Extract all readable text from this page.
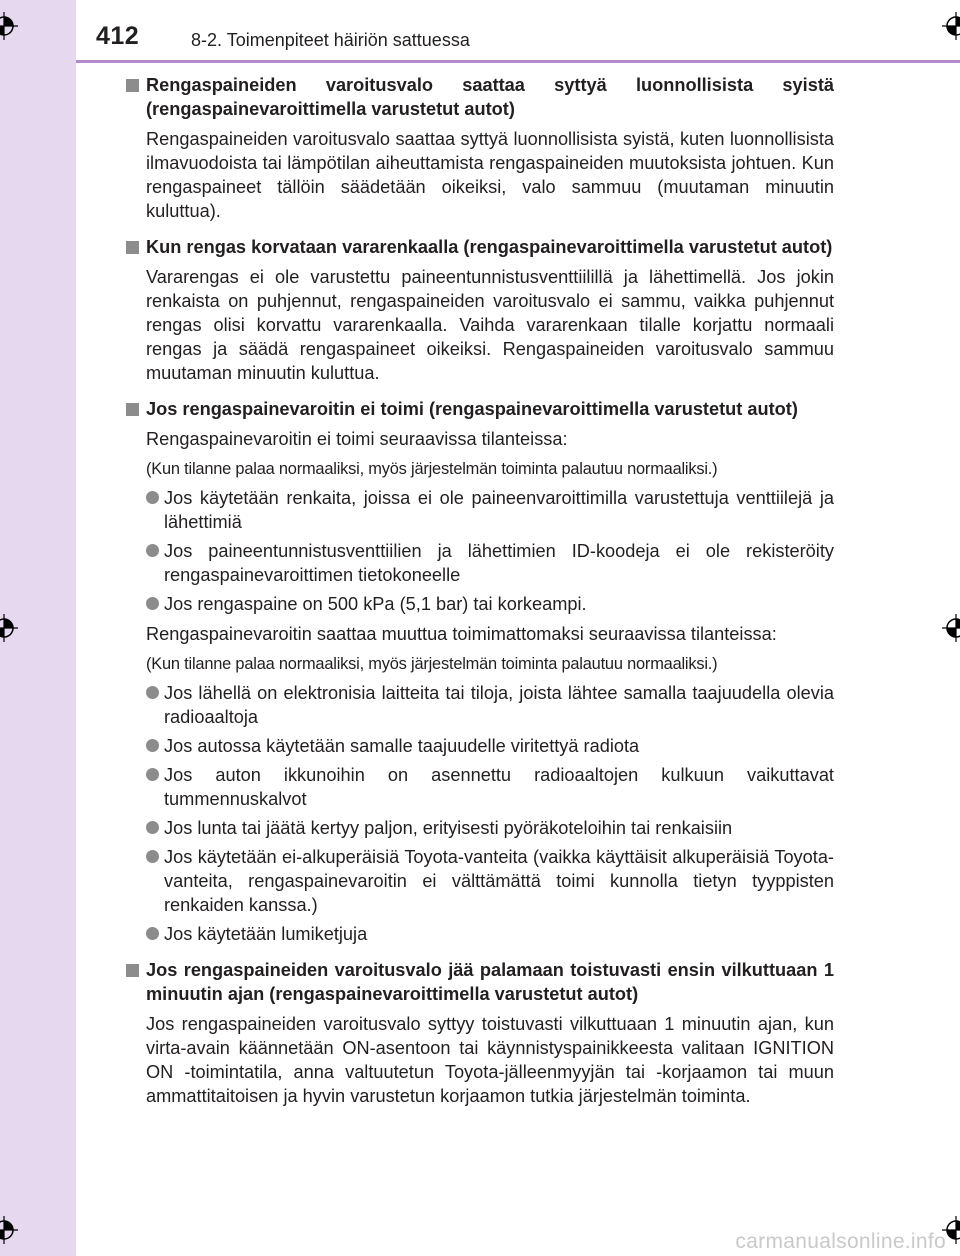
412	8-2. Toimenpiteet häiriön sattuessa
Rengaspaineiden varoitusvalo saattaa syttyä luonnollisista syistä (rengaspainevaroittimella varustetut autot)
Rengaspaineiden varoitusvalo saattaa syttyä luonnollisista syistä, kuten luonnollisista ilmavuodoista tai lämpötilan aiheuttamista rengaspaineiden muutoksista johtuen. Kun rengaspaineet tällöin säädetään oikeiksi, valo sammuu (muutaman minuutin kuluttua).
Kun rengas korvataan vararenkaalla (rengaspainevaroittimella varustetut autot)
Vararengas ei ole varustettu paineentunnistusventtiilillä ja lähettimellä. Jos jokin renkaista on puhjennut, rengaspaineiden varoitusvalo ei sammu, vaikka puhjennut rengas olisi korvattu vararenkaalla. Vaihda vararenkaan tilalle korjattu normaali rengas ja säädä rengaspaineet oikeiksi. Rengaspaineiden varoitusvalo sammuu muutaman minuutin kuluttua.
Jos rengaspainevaroitin ei toimi (rengaspainevaroittimella varustetut autot)
Rengaspainevaroitin ei toimi seuraavissa tilanteissa:
(Kun tilanne palaa normaaliksi, myös järjestelmän toiminta palautuu normaaliksi.)
Jos käytetään renkaita, joissa ei ole paineenvaroittimilla varustettuja venttiilejä ja lähettimiä
Jos paineentunnistusventtiilien ja lähettimien ID-koodeja ei ole rekisteröity rengaspainevaroittimen tietokoneelle
Jos rengaspaine on 500 kPa (5,1 bar) tai korkeampi.
Rengaspainevaroitin saattaa muuttua toimimattomaksi seuraavissa tilanteissa:
(Kun tilanne palaa normaaliksi, myös järjestelmän toiminta palautuu normaaliksi.)
Jos lähellä on elektronisia laitteita tai tiloja, joista lähtee samalla taajuudella olevia radioaaltoja
Jos autossa käytetään samalle taajuudelle viritettyä radiota
Jos auton ikkunoihin on asennettu radioaaltojen kulkuun vaikuttavat tummennuskalvot
Jos lunta tai jäätä kertyy paljon, erityisesti pyöräkoteloihin tai renkaisiin
Jos käytetään ei-alkuperäisiä Toyota-vanteita (vaikka käyttäisit alkuperäisiä Toyota-vanteita, rengaspainevaroitin ei välttämättä toimi kunnolla tietyn tyyppisten renkaiden kanssa.)
Jos käytetään lumiketjuja
Jos rengaspaineiden varoitusvalo jää palamaan toistuvasti ensin vilkuttuaan 1 minuutin ajan (rengaspainevaroittimella varustetut autot)
Jos rengaspaineiden varoitusvalo syttyy toistuvasti vilkuttuaan 1 minuutin ajan, kun virta-avain käännetään ON-asentoon tai käynnistyspainikkeesta valitaan IGNITION ON -toimintatila, anna valtuutetun Toyota-jälleenmyyjän tai -korjaamon tai muun ammattitaitoisen ja hyvin varustetun korjaamon tutkia järjestelmän toiminta.
carmanualsonline.info
